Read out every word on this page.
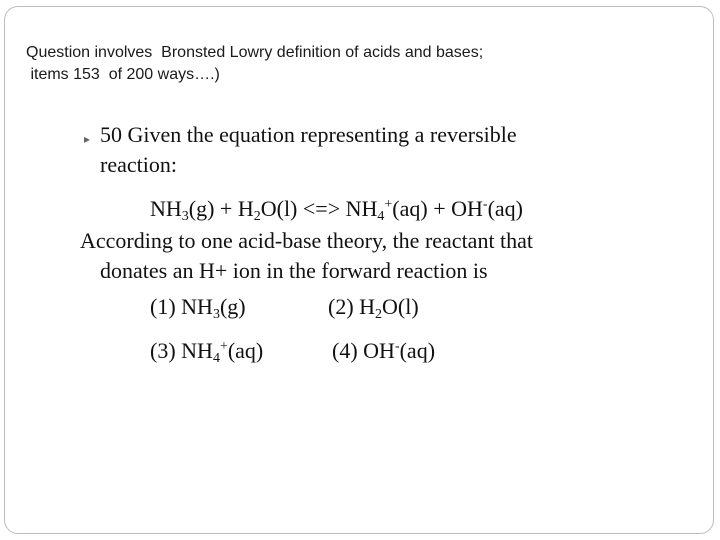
Question involves  Bronsted Lowry definition of acids and bases;
items 153  of 200 ways….)
▸ 50 Given the equation representing a reversible
reaction:
$NH_3(g) + H_2O(l)$ <=> $NH_4^+(aq) + OH^-(aq)$
According to one acid-base theory, the reactant that
donates an H+ ion in the forward reaction is
(1) $NH_3(g)$	(2) $H_2O(l)$
(3) $NH_4^+(aq)$	(4) OH-(aq)
